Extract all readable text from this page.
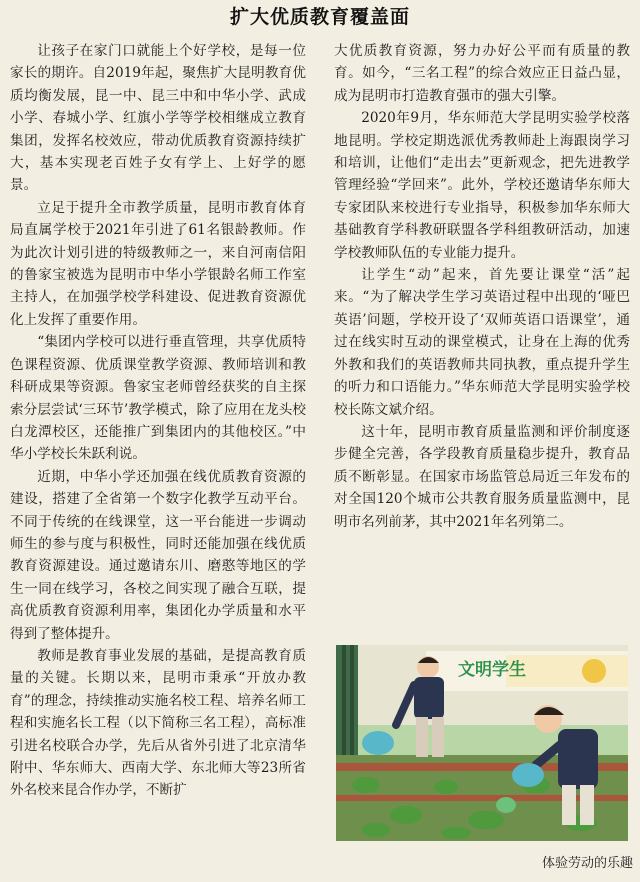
扩大优质教育覆盖面

让孩子在家门口就能上个好学校，是每一位家长的期许。自2019年起，聚焦扩大昆明教育优质均衡发展，昆一中、昆三中和中华小学、武成小学、春城小学、红旗小学等学校相继成立教育集团，发挥名校效应，带动优质教育资源持续扩大，基本实现老百姓子女有学上、上好学的愿景。

立足于提升全市教学质量，昆明市教育体育局直属学校于2021年引进了61名银龄教师。作为此次计划引进的特级教师之一，来自河南信阳的鲁家宝被选为昆明市中华小学银龄名师工作室主持人，在加强学校学科建设、促进教育资源优化上发挥了重要作用。

“集团内学校可以进行垂直管理，共享优质特色课程资源、优质课堂教学资源、教师培训和教科研成果等资源。鲁家宝老师曾经获奖的自主探索分层尝试‘三环节’教学模式，除了应用在龙头校白龙潭校区，还能推广到集团内的其他校区。”中华小学校长朱跃利说。

近期，中华小学还加强在线优质教育资源的建设，搭建了全省第一个数字化教学互动平台。不同于传统的在线课堂，这一平台能进一步调动师生的参与度与积极性，同时还能加强在线优质教育资源建设。通过邀请东川、磨憨等地区的学生一同在线学习，各校之间实现了融合互联，提高优质教育资源利用率，集团化办学质量和水平得到了整体提升。

教师是教育事业发展的基础，是提高教育质量的关键。长期以来，昆明市秉承“开放办教育”的理念，持续推动实施名校工程、培养名师工程和实施名长工程（以下简称三名工程），高标准引进名校联合办学，先后从省外引进了北京清华附中、华东师大、西南大学、东北师大等23所省外名校来昆合作办学，不断扩

大优质教育资源，努力办好公平而有质量的教育。如今，“三名工程”的综合效应正日益凸显，成为昆明市打造教育强市的强大引擎。

2020年9月，华东师范大学昆明实验学校落地昆明。学校定期选派优秀教师赴上海跟岗学习和培训，让他们“走出去”更新观念，把先进教学管理经验“学回来”。此外，学校还邀请华东师大专家团队来校进行专业指导，积极参加华东师大基础教育学科教研联盟各学科组教研活动，加速学校教师队伍的专业能力提升。

让学生“动”起来，首先要让课堂“活”起来。“为了解决学生学习英语过程中出现的‘哑巴英语’问题，学校开设了‘双师英语口语课堂’，通过在线实时互动的课堂模式，让身在上海的优秀外教和我们的英语教师共同执教，重点提升学生的听力和口语能力。”华东师范大学昆明实验学校校长陈文斌介绍。

这十年，昆明市教育质量监测和评价制度逐步健全完善，各学段教育质量稳步提升，教育品质不断彰显。在国家市场监管总局近三年发布的对全国120个城市公共教育服务质量监测中，昆明市名列前茅，其中2021年名列第二。

文明学生
体验劳动的乐趣
